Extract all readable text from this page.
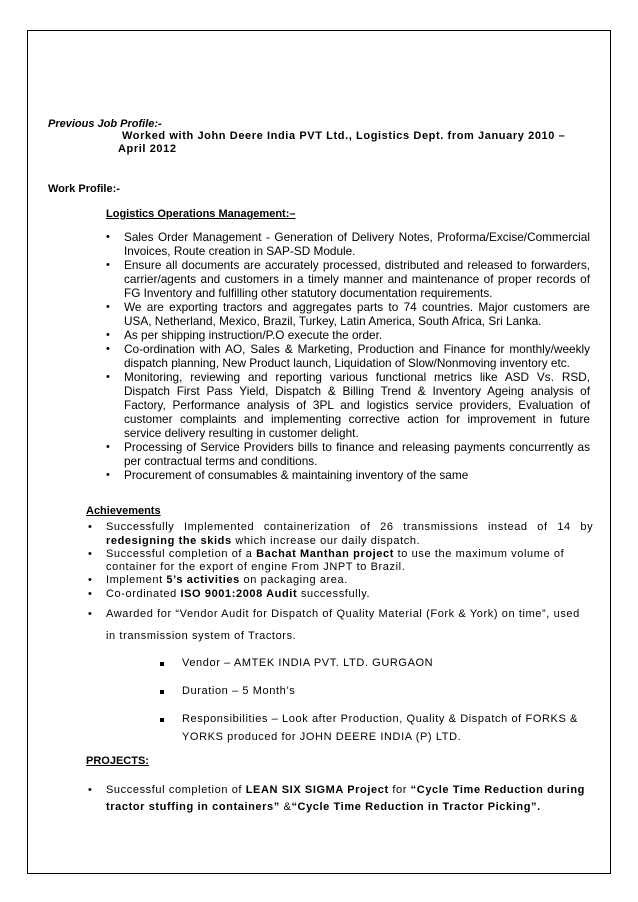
Previous Job Profile:-
Worked with John Deere India PVT Ltd., Logistics Dept. from January 2010 –
April 2012
Work Profile:-
Logistics Operations Management:–
• Sales Order Management - Generation of Delivery Notes, Proforma/Excise/Commercial Invoices, Route creation in SAP-SD Module.
• Ensure all documents are accurately processed, distributed and released to forwarders, carrier/agents and customers in a timely manner and maintenance of proper records of FG Inventory and fulfilling other statutory documentation requirements.
• We are exporting tractors and aggregates parts to 74 countries. Major customers are USA, Netherland, Mexico, Brazil, Turkey, Latin America, South Africa, Sri Lanka.
• As per shipping instruction/P.O execute the order.
• Co-ordination with AO, Sales & Marketing, Production and Finance for monthly/weekly dispatch planning, New Product launch, Liquidation of Slow/Nonmoving inventory etc.
• Monitoring, reviewing and reporting various functional metrics like ASD Vs. RSD, Dispatch First Pass Yield, Dispatch & Billing Trend & Inventory Ageing analysis of Factory, Performance analysis of 3PL and logistics service providers, Evaluation of customer complaints and implementing corrective action for improvement in future service delivery resulting in customer delight.
• Processing of Service Providers bills to finance and releasing payments concurrently as per contractual terms and conditions.
• Procurement of consumables & maintaining inventory of the same
Achievements
• Successfully Implemented containerization of 26 transmissions instead of 14 by
redesigning the skids which increase our daily dispatch.
• Successful completion of a Bachat Manthan project to use the maximum volume of
container for the export of engine From JNPT to Brazil.
• Implement 5’s activities on packaging area.
• Co-ordinated ISO 9001:2008 Audit successfully.
• Awarded for “Vendor Audit for Dispatch of Quality Material (Fork & York) on time”, used
in transmission system of Tractors.
Vendor – AMTEK INDIA PVT. LTD. GURGAON
Duration – 5 Month’s
Responsibilities – Look after Production, Quality & Dispatch of FORKS &
YORKS produced for JOHN DEERE INDIA (P) LTD.
PROJECTS:
• Successful completion of LEAN SIX SIGMA Project for “Cycle Time Reduction during
tractor stuffing in containers” &“Cycle Time Reduction in Tractor Picking”.
